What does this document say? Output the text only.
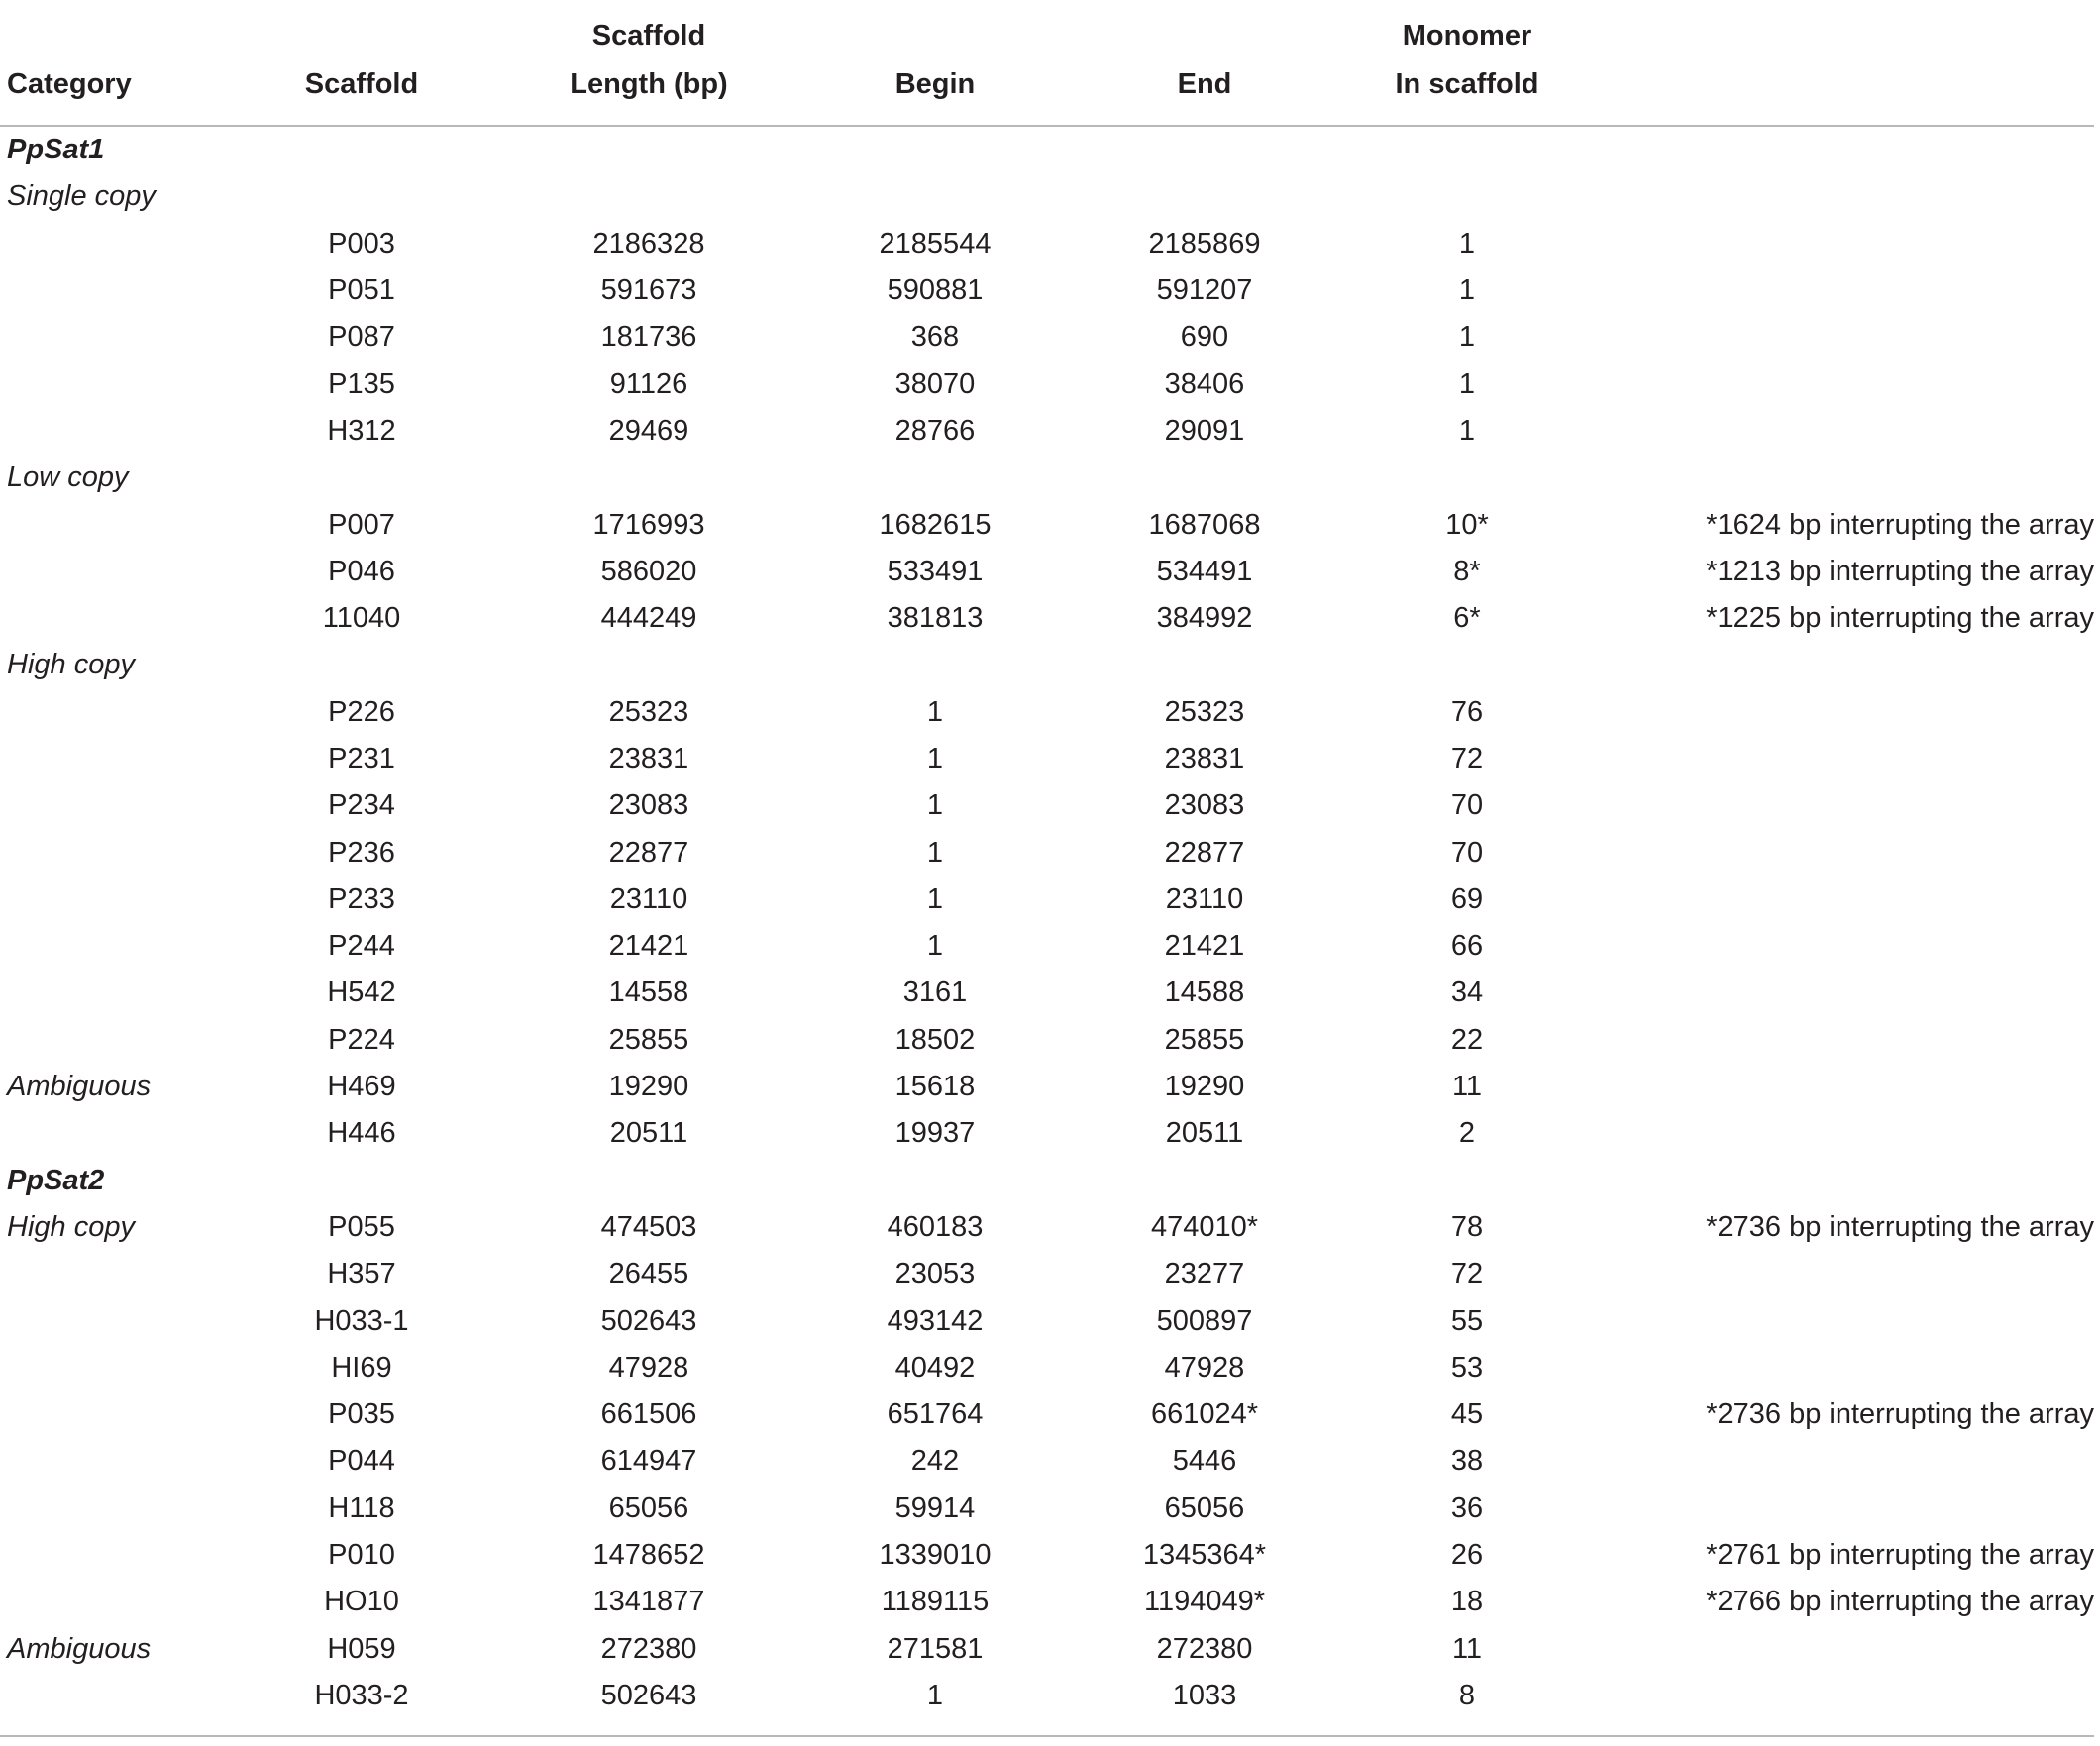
		Scaffold			Monomer	
Category	Scaffold	Length (bp)	Begin	End	In scaffold	
PpSat1						
Single copy						
	P003	2186328	2185544	2185869	1	
	P051	591673	590881	591207	1	
	P087	181736	368	690	1	
	P135	91126	38070	38406	1	
	H312	29469	28766	29091	1	
Low copy						
	P007	1716993	1682615	1687068	10*	*1624 bp interrupting the array
	P046	586020	533491	534491	8*	*1213 bp interrupting the array
	11040	444249	381813	384992	6*	*1225 bp interrupting the array
High copy						
	P226	25323	1	25323	76	
	P231	23831	1	23831	72	
	P234	23083	1	23083	70	
	P236	22877	1	22877	70	
	P233	23110	1	23110	69	
	P244	21421	1	21421	66	
	H542	14558	3161	14588	34	
	P224	25855	18502	25855	22	
Ambiguous	H469	19290	15618	19290	11	
	H446	20511	19937	20511	2	
PpSat2						
High copy	P055	474503	460183	474010*	78	*2736 bp interrupting the array
	H357	26455	23053	23277	72	
	H033-1	502643	493142	500897	55	
	HI69	47928	40492	47928	53	
	P035	661506	651764	661024*	45	*2736 bp interrupting the array
	P044	614947	242	5446	38	
	H118	65056	59914	65056	36	
	P010	1478652	1339010	1345364*	26	*2761 bp interrupting the array
	HO10	1341877	1189115	1194049*	18	*2766 bp interrupting the array
Ambiguous	H059	272380	271581	272380	11	
	H033-2	502643	1	1033	8	
